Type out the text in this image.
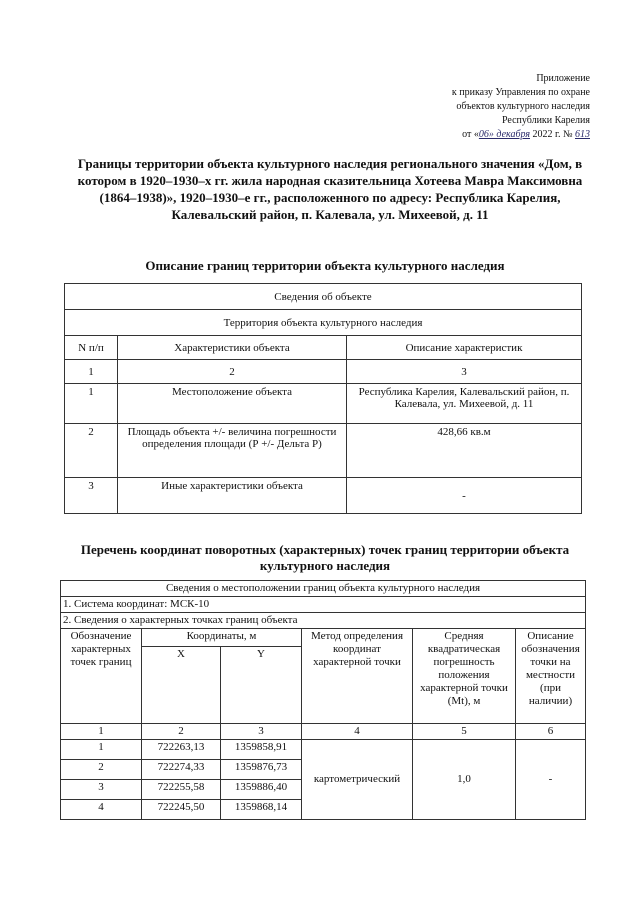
Приложение
к приказу Управления по охране
объектов культурного наследия
Республики Карелия
от «06» декабря 2022 г. № 613
Границы территории объекта культурного наследия регионального значения «Дом, в котором в 1920–1930–х гг. жила народная сказительница Хотеева Мавра Максимовна (1864–1938)», 1920–1930–е гг., расположенного по адресу: Республика Карелия, Калевальский район, п. Калевала, ул. Михеевой, д. 11
Описание границ территории объекта культурного наследия
Сведения об объекте		
Территория объекта культурного наследия		
N п/п	Характеристики объекта	Описание характеристик
1	2	3
1	Местоположение объекта	Республика Карелия, Калевальский район, п. Калевала, ул. Михеевой, д. 11
2	Площадь объекта +/- величина погрешности определения площади (Р +/- Дельта Р)	428,66 кв.м
3	Иные характеристики объекта	-
Перечень координат поворотных (характерных) точек границ территории объекта культурного наследия
Сведения о местоположении границ объекта культурного наследия					
1. Система координат: МСК-10					
2. Сведения о характерных точках границ объекта					
Обозначение характерных точек границ	Координаты, м		Метод определения координат характерной точки	Средняя квадратическая погрешность положения характерной точки (Мt), м	Описание обозначения точки на местности (при наличии)
	X	Y			
1	2	3	4	5	6
1	722263,13	1359858,91	картометрический	1,0	-
2	722274,33	1359876,73			
3	722255,58	1359886,40			
4	722245,50	1359868,14			
